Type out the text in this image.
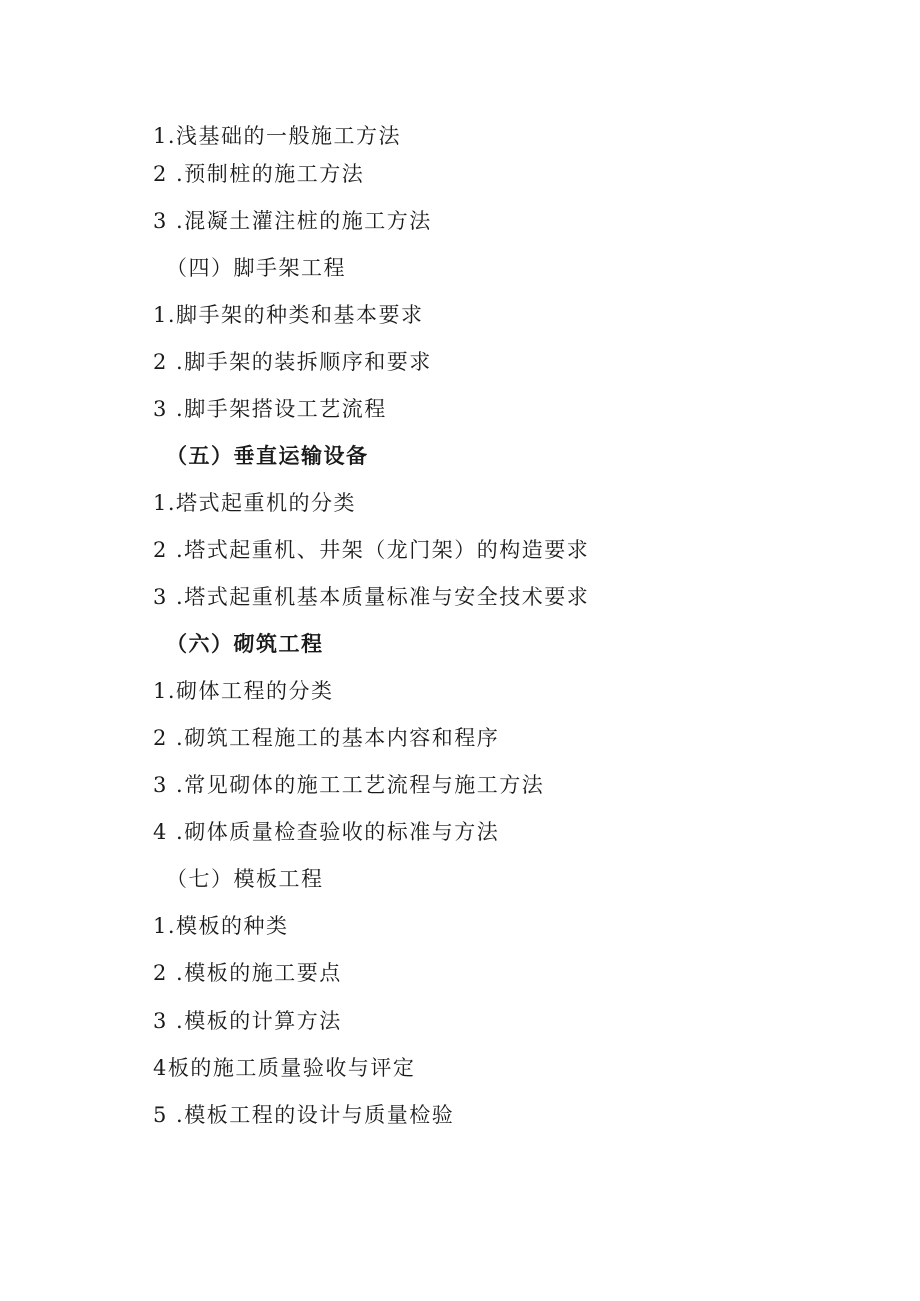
1.浅基础的一般施工方法
2 .预制桩的施工方法
3 .混凝土灌注桩的施工方法
（四）脚手架工程
1.脚手架的种类和基本要求
2 .脚手架的装拆顺序和要求
3 .脚手架搭设工艺流程
（五）垂直运输设备
1.塔式起重机的分类
2 .塔式起重机、井架（龙门架）的构造要求
3 .塔式起重机基本质量标准与安全技术要求
（六）砌筑工程
1.砌体工程的分类
2 .砌筑工程施工的基本内容和程序
3 .常见砌体的施工工艺流程与施工方法
4 .砌体质量检查验收的标准与方法
（七）模板工程
1.模板的种类
2 .模板的施工要点
3 .模板的计算方法
4板的施工质量验收与评定
5 .模板工程的设计与质量检验
